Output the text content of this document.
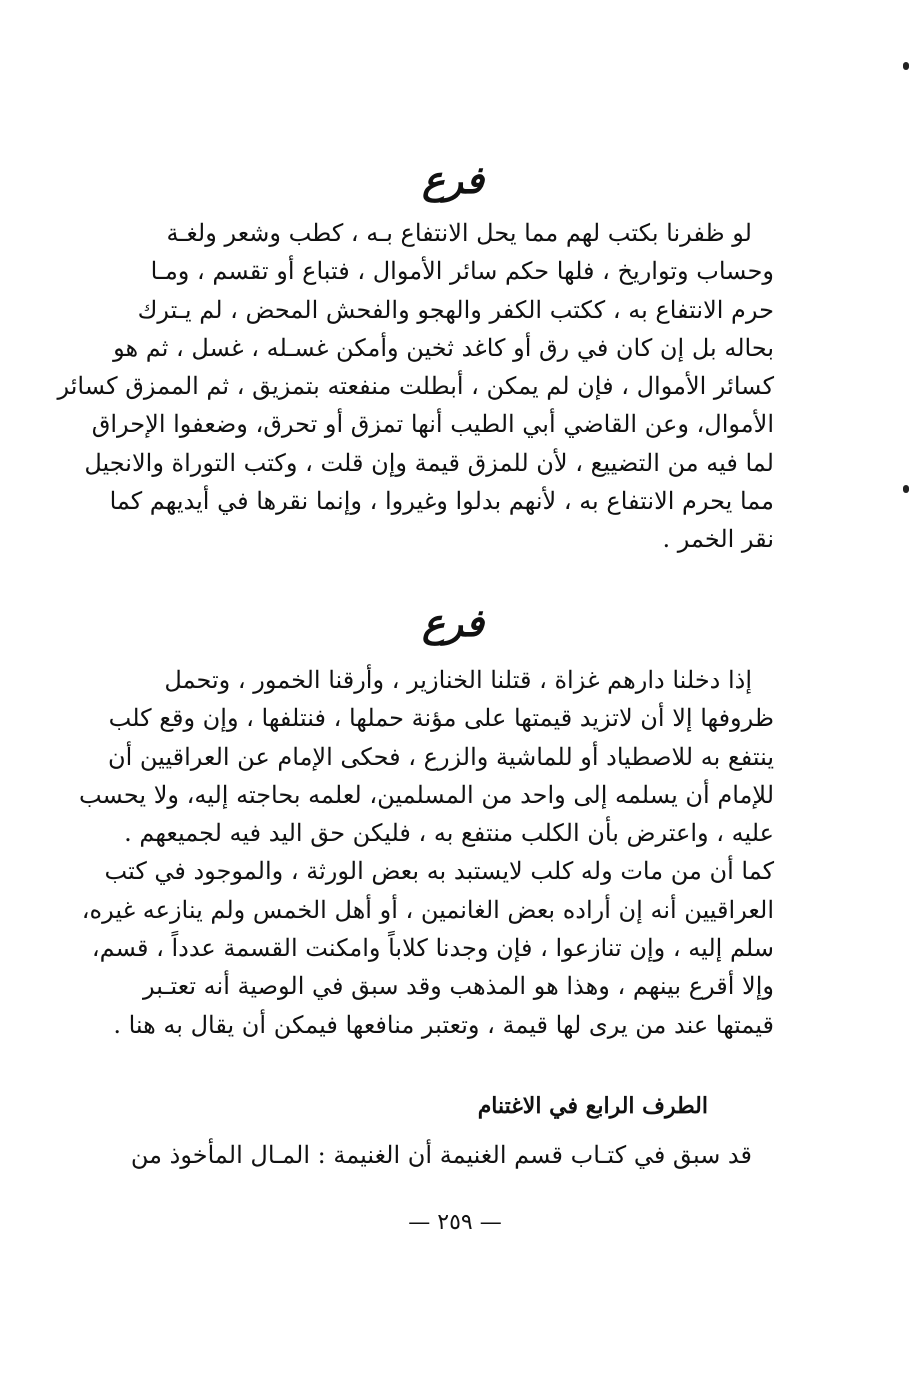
فرع

لو ظفرنا بكتب لهم مما يحل الانتفاع بـه ، كطب وشعر ولغـة
وحساب وتواريخ ، فلها حكم سائر الأموال ، فتباع أو تقسم ، ومـا
حرم الانتفاع به ، ككتب الكفر والهجو والفحش المحض ، لم يـترك
بحاله بل إن كان في رق أو كاغد ثخين وأمكن غسـله ، غسل ، ثم هو
كسائر الأموال ، فإن لم يمكن ، أبطلت منفعته بتمزيق ، ثم الممزق كسائر
الأموال، وعن القاضي أبي الطيب أنها تمزق أو تحرق، وضعفوا الإحراق
لما فيه من التضييع ، لأن للمزق قيمة وإن قلت ، وكتب التوراة والانجيل
مما يحرم الانتفاع به ، لأنهم بدلوا وغيروا ، وإنما نقرها في أيديهم كما
نقر الخمر .

فرع

إذا دخلنا دارهم غزاة ، قتلنا الخنازير ، وأرقنا الخمور ، وتحمل
ظروفها إلا أن لاتزيد قيمتها على مؤنة حملها ، فنتلفها ، وإن وقع كلب
ينتفع به للاصطياد أو للماشية والزرع ، فحكى الإمام عن العراقيين أن
للإمام أن يسلمه إلى واحد من المسلمين، لعلمه بحاجته إليه، ولا يحسب
عليه ، واعترض بأن الكلب منتفع به ، فليكن حق اليد فيه لجميعهم .
كما أن من مات وله كلب لايستبد به بعض الورثة ، والموجود في كتب
العراقيين أنه إن أراده بعض الغانمين ، أو أهل الخمس ولم ينازعه غيره،
سلم إليه ، وإن تنازعوا ، فإن وجدنا كلاباً وامكنت القسمة عدداً ، قسم،
وإلا أقرع بينهم ، وهذا هو المذهب وقد سبق في الوصية أنه تعتـبر
قيمتها عند من يرى لها قيمة ، وتعتبر منافعها فيمكن أن يقال به هنا .

الطرف الرابع في الاغتنام

قد سبق في كتـاب قسم الغنيمة أن الغنيمة : المـال المأخوذ من

— ٢٥٩ —
